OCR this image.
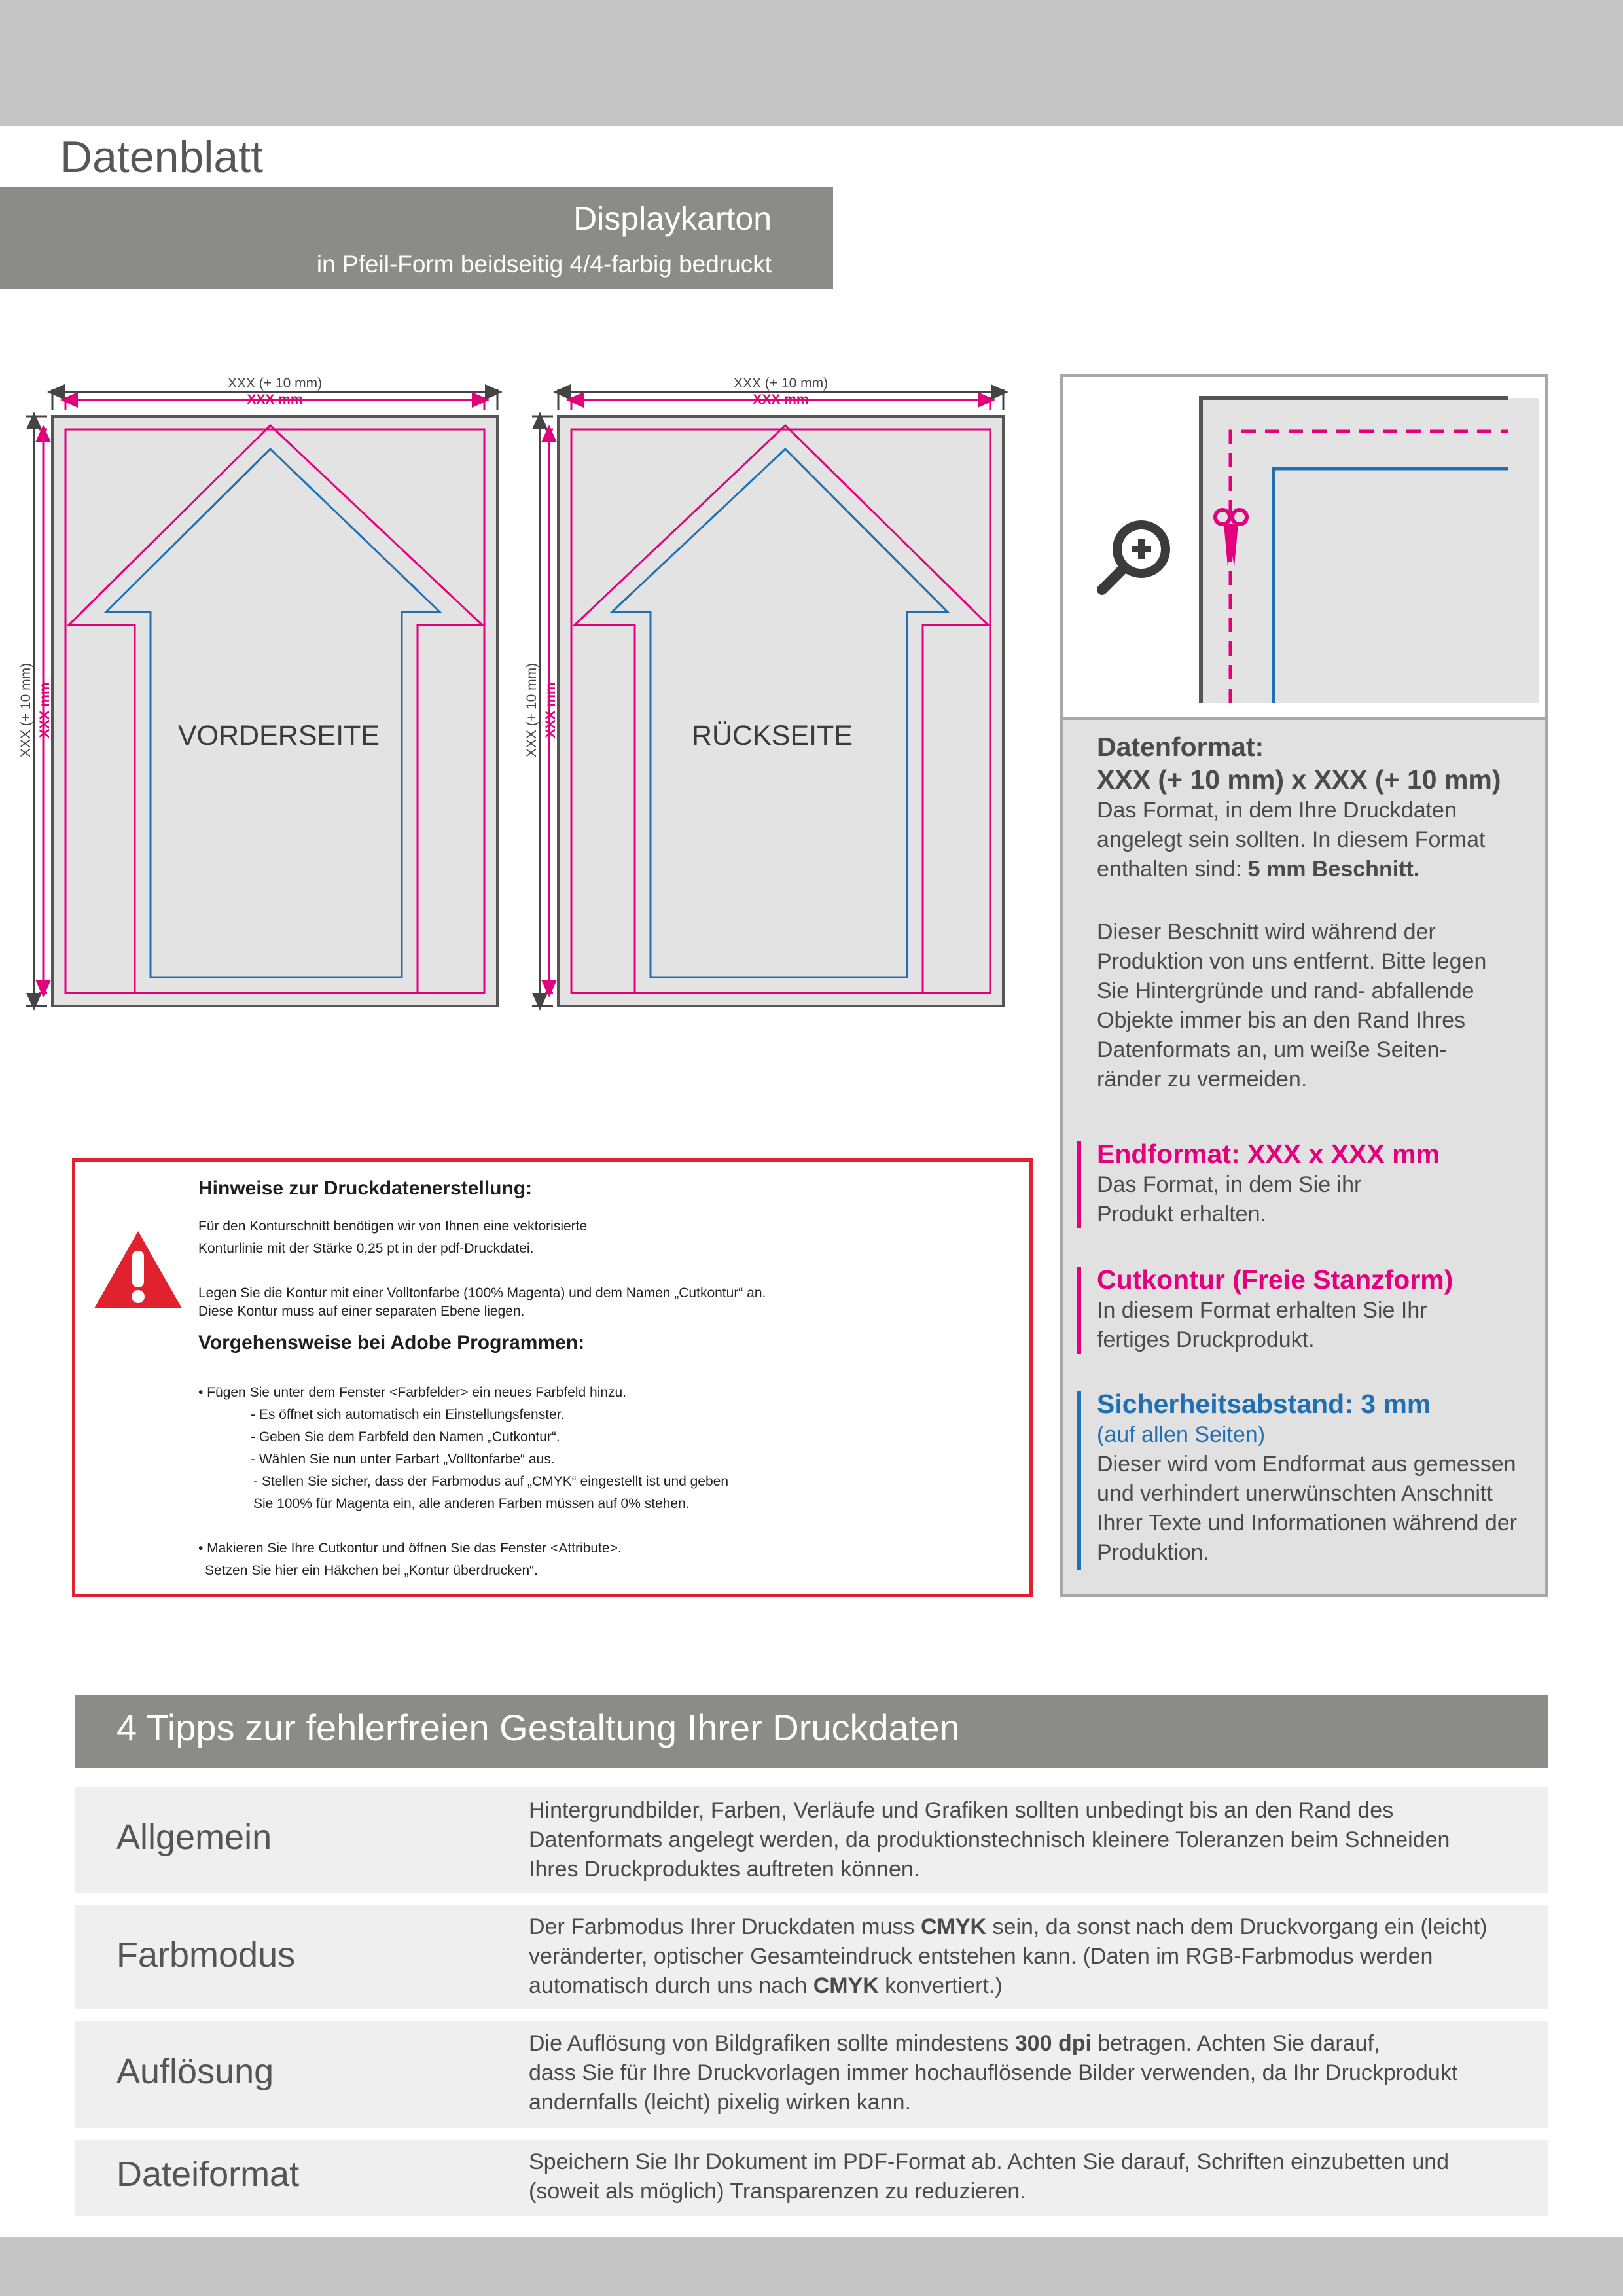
Datenblatt
Displaykarton
in Pfeil-Form beidseitig 4/4-farbig bedruckt
XXX (+ 10 mm)
XXX mm
XXX (+ 10 mm) XXX mm	VORDERSEITE
XXX (+ 10 mm)
XXX mm
XXX (+ 10 mm) XXX mm	RÜCKSEITE	Datenformat:
XXX (+ 10 mm) x XXX (+ 10 mm)
Das Format, in dem Ihre Druckdaten
angelegt sein sollten. In diesem Format
enthalten sind: 5 mm Beschnitt.
Dieser Beschnitt wird während der
Produktion von uns entfernt. Bitte legen
Sie Hintergründe und rand- abfallende
Objekte immer bis an den Rand Ihres
Datenformats an, um weiße Seiten-
ränder zu vermeiden.
Endformat: XXX x XXX mm
Das Format, in dem Sie ihr
Produkt erhalten.
Cutkontur (Freie Stanzform)
In diesem Format erhalten Sie Ihr
fertiges Druckprodukt.
Sicherheitsabstand: 3 mm
(auf allen Seiten)
Dieser wird vom Endformat aus gemessen
und verhindert unerwünschten Anschnitt
Ihrer Texte und Informationen während der
Produktion.
Hinweise zur Druckdatenerstellung:
Für den Konturschnitt benötigen wir von Ihnen eine vektorisierte
Konturlinie mit der Stärke 0,25 pt in der pdf-Druckdatei.
Legen Sie die Kontur mit einer Volltonfarbe (100% Magenta) und dem Namen „Cutkontur“ an.
Diese Kontur muss auf einer separaten Ebene liegen.
Vorgehensweise bei Adobe Programmen:
• Fügen Sie unter dem Fenster <Farbfelder> ein neues Farbfeld hinzu.
- Es öffnet sich automatisch ein Einstellungsfenster.
- Geben Sie dem Farbfeld den Namen „Cutkontur“.
- Wählen Sie nun unter Farbart „Volltonfarbe“ aus.
- Stellen Sie sicher, dass der Farbmodus auf „CMYK“ eingestellt ist und geben
Sie 100% für Magenta ein, alle anderen Farben müssen auf 0% stehen.
• Makieren Sie Ihre Cutkontur und öffnen Sie das Fenster <Attribute>.
Setzen Sie hier ein Häkchen bei „Kontur überdrucken“.
4 Tipps zur fehlerfreien Gestaltung Ihrer Druckdaten
Allgemein
Hintergrundbilder, Farben, Verläufe und Grafiken sollten unbedingt bis an den Rand des
Datenformats angelegt werden, da produktionstechnisch kleinere Toleranzen beim Schneiden
Ihres Druckproduktes auftreten können.
Farbmodus
Der Farbmodus Ihrer Druckdaten muss CMYK sein, da sonst nach dem Druckvorgang ein (leicht)
veränderter, optischer Gesamteindruck entstehen kann. (Daten im RGB-Farbmodus werden
automatisch durch uns nach CMYK konvertiert.)
Auflösung
Die Auflösung von Bildgrafiken sollte mindestens 300 dpi betragen. Achten Sie darauf,
dass Sie für Ihre Druckvorlagen immer hochauflösende Bilder verwenden, da Ihr Druckprodukt
andernfalls (leicht) pixelig wirken kann.
Dateiformat	Speichern Sie Ihr Dokument im PDF-Format ab. Achten Sie darauf, Schriften einzubetten und
(soweit als möglich) Transparenzen zu reduzieren.
